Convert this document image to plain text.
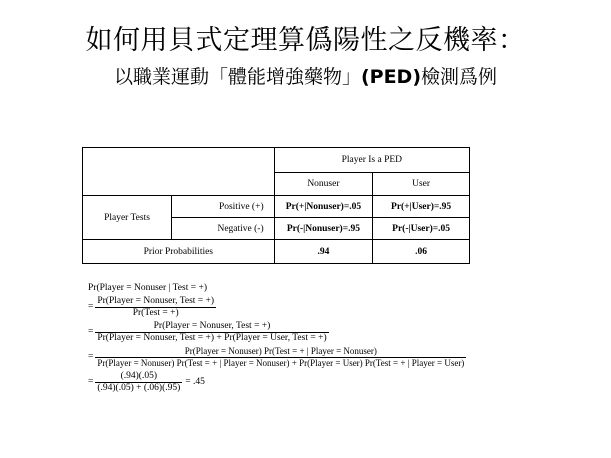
如何用貝式定理算僞陽性之反機率：
以職業運動「體能增強藥物」(PED)檢測爲例
		Player Is a PED	
		Nonuser	User
Player Tests	Positive (+)	Pr(+|Nonuser)=.05	Pr(+|User)=.95
	Negative (-)	Pr(-|Nonuser)=.95	Pr(-|User)=.05
Prior Probabilities		.94	.06
Pr(Player = Nonuser | Test = +)
= $\frac{\text{Pr(Player = Nonuser, Test = +)}}{\text{Pr(Test = +)}}$
= $\frac{\text{Pr(Player = Nonuser, Test = +)}}{\text{Pr(Player = Nonuser, Test = +) + Pr(Player = User, Test = +)}}$
=
Pr(Player = Nonuser) Pr(Test = + | Player = Nonuser)
Pr(Player = Nonuser) Pr(Test = + | Player = Nonuser) + Pr(Player = User) Pr(Test = + | Player = User)
= $\frac{(.94)(.05)}{(.94)(.05) + (.06)(.95)} = .45$
